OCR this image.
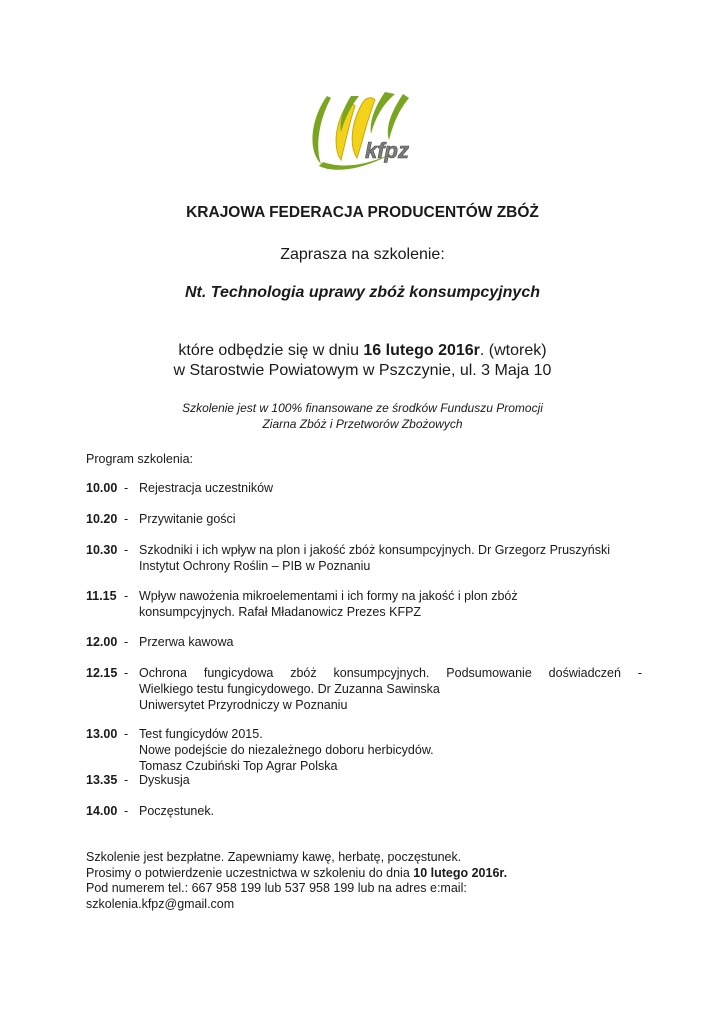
kfpz
KRAJOWA FEDERACJA PRODUCENTÓW ZBÓŻ
Zaprasza na szkolenie:
Nt. Technologia uprawy zbóż konsumpcyjnych
które odbędzie się w dniu 16 lutego 2016r. (wtorek)
w Starostwie Powiatowym w Pszczynie, ul. 3 Maja 10
Szkolenie jest w 100% finansowane ze środków Funduszu Promocji
Ziarna Zbóż i Przetworów Zbożowych
Program szkolenia:
10.00 - Rejestracja uczestników
10.20 - Przywitanie gości
10.30 - Szkodniki i ich wpływ na plon i jakość zbóż konsumpcyjnych. Dr Grzegorz Pruszyński
Instytut Ochrony Roślin – PIB w Poznaniu
11.15 - Wpływ nawożenia mikroelementami i ich formy na jakość i plon zbóż
konsumpcyjnych. Rafał Mładanowicz Prezes KFPZ
12.00 - Przerwa kawowa
12.15 - Ochrona fungicydowa zbóż konsumpcyjnych. Podsumowanie doświadczeń -
Wielkiego testu fungicydowego. Dr Zuzanna Sawinska
Uniwersytet Przyrodniczy w Poznaniu
13.00 - Test fungicydów 2015.
Nowe podejście do niezależnego doboru herbicydów.
Tomasz Czubiński Top Agrar Polska
13.35 - Dyskusja
14.00 - Poczęstunek.
Szkolenie jest bezpłatne. Zapewniamy kawę, herbatę, poczęstunek.
Prosimy o potwierdzenie uczestnictwa w szkoleniu do dnia 10 lutego 2016r.
Pod numerem tel.: 667 958 199 lub 537 958 199 lub na adres e:mail:
szkolenia.kfpz@gmail.com
